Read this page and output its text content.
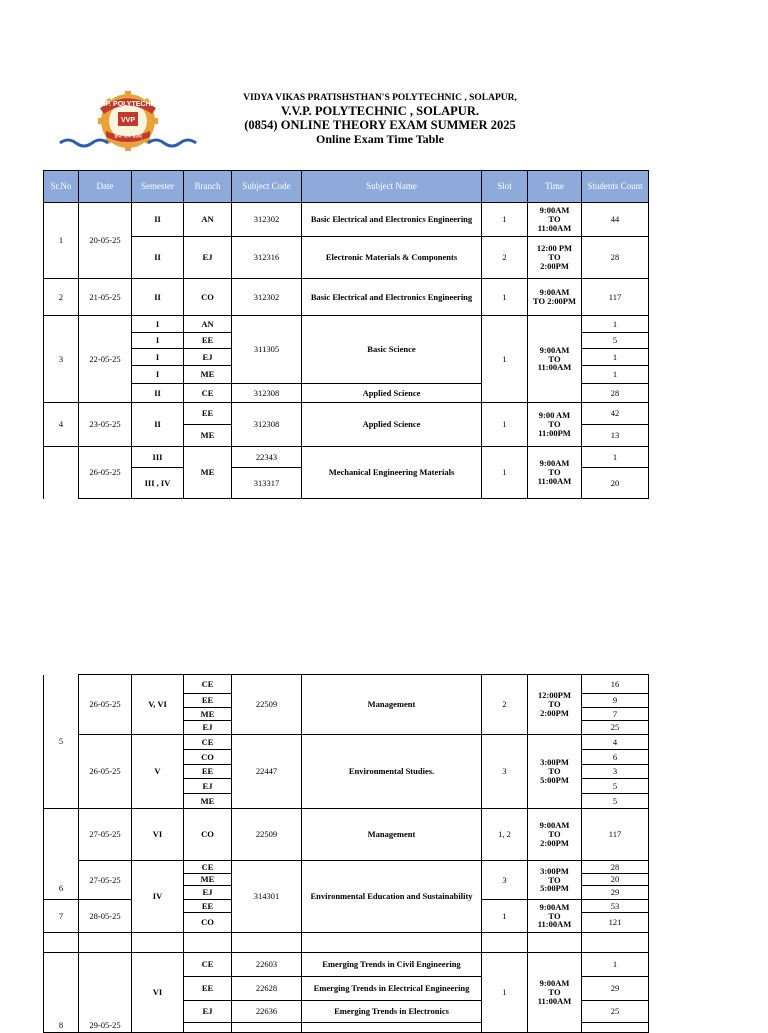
V.V.P. POLYTECHNIC
VVP
ज्ञानं परमं बलम्
VIDYA VIKAS PRATISHSTHAN'S POLYTECHNIC , SOLAPUR,
V.V.P. POLYTECHNIC , SOLAPUR.
(0854) ONLINE THEORY EXAM SUMMER 2025
Online Exam Time Table
Sr.No	Date	Semester	Branch	Subject Code	Subject Name	Slot	Time	Students Count
1	20-05-25	II	AN	312302	Basic Electrical and Electronics Engineering	1	9:00AM
TO
11:00AM	44
		II	EJ	312316	Electronic Materials & Components	2	12:00 PM
TO
2:00PM	28
2	21-05-25	II	CO	312302	Basic Electrical and Electronics Engineering	1	9:00AM
TO 2:00PM	117
3	22-05-25	I	AN	311305	Basic Science	1	9:00AM
TO
11:00AM	1
		I	EE					5
		I	EJ					1
		I	ME					1
		II	CE	312308	Applied Science			28
4	23-05-25	II	EE	312308	Applied Science	1	9:00 AM
TO
11:00PM	42
			ME					13
	26-05-25	III	ME	22343	Mechanical Engineering Materials	1	9:00AM
TO
11:00AM	1
		III , IV		313317				20
5	26-05-25	V, VI	CE	22509	Management	2	12:00PM
TO
2:00PM	16
			EE					9
			ME					7
			EJ					25
	26-05-25	V	CE	22447	Environmental Studies.	3	3:00PM
TO
5:00PM	4
			CO					6
			EE					3
			EJ					5
			ME					5
6	27-05-25	VI	CO	22509	Management	1, 2	9:00AM
TO
2:00PM	117
	27-05-25	IV	CE	314301	Environmental Education and Sustainability	3	3:00PM
TO
5:00PM	28
			ME					20
			EJ					29
7	28-05-25		EE			1	9:00AM
TO
11:00AM	53
			CO					121

8	29-05-25	VI	CE	22603	Emerging Trends in Civil Engineering	1	9:00AM
TO
11:00AM	1
			EE	22628	Emerging Trends in Electrical Engineering			29
			EJ	22636	Emerging Trends in Electronics			25
